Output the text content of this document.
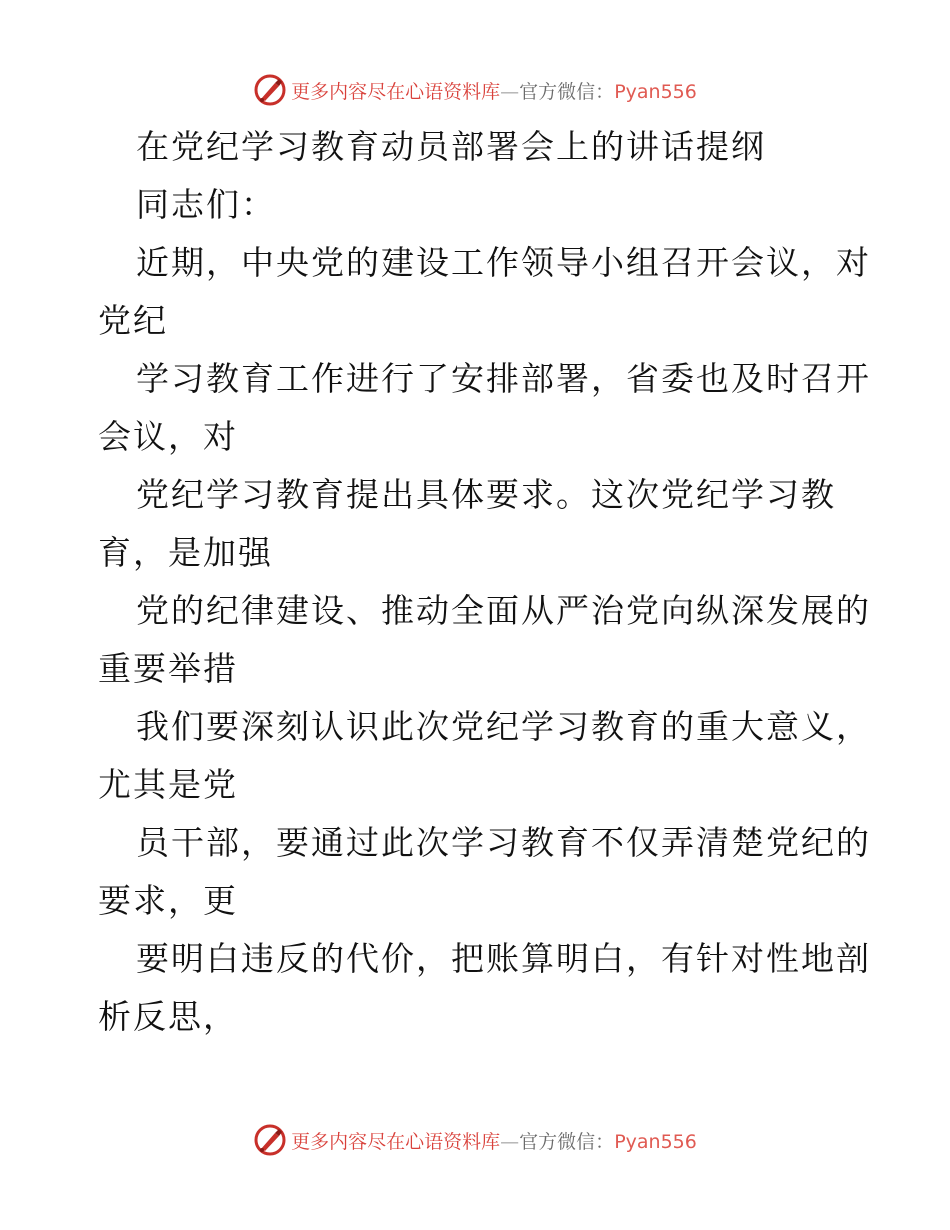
更多内容尽在心语资料库—官方微信：Pyan556
在党纪学习教育动员部署会上的讲话提纲
同志们：
近期，中央党的建设工作领导小组召开会议，对
党纪
学习教育工作进行了安排部署，省委也及时召开
会议，对
党纪学习教育提出具体要求。这次党纪学习教
育，是加强
党的纪律建设、推动全面从严治党向纵深发展的
重要举措
我们要深刻认识此次党纪学习教育的重大意义，
尤其是党
员干部，要通过此次学习教育不仅弄清楚党纪的
要求，更
要明白违反的代价，把账算明白，有针对性地剖
析反思，
更多内容尽在心语资料库—官方微信：Pyan556
